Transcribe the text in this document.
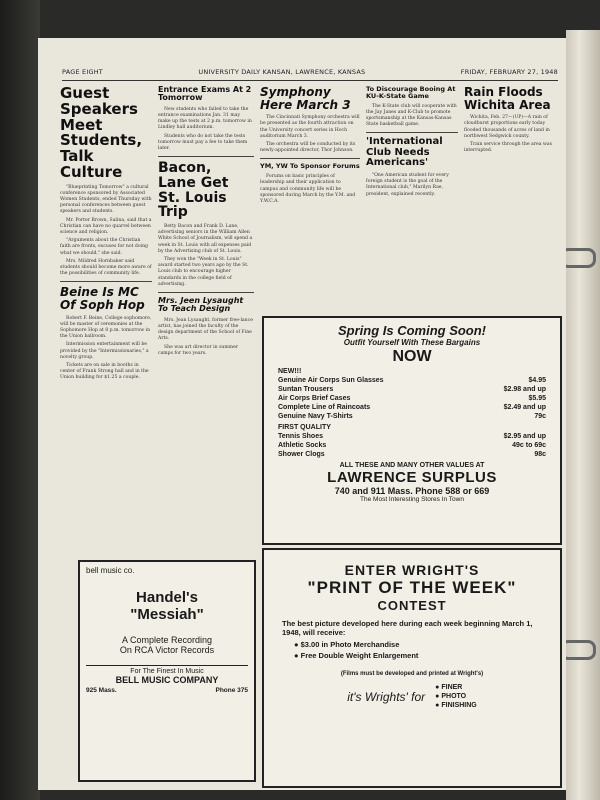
PAGE EIGHT	UNIVERSITY DAILY KANSAN, LAWRENCE, KANSAS	FRIDAY, FEBRUARY 27, 1948
Guest Speakers Meet Students, Talk Culture

"Blueprinting Tomorrow" a cultural conference sponsored by Associated Women Students, ended Thursday with personal conferences between guest speakers and students.

Mr. Porter Brown, Salina, said that a Christian can have no quarrel between science and religion.

"Arguments about the Christian faith are fronts, excuses for not doing what we should," she said.

Mrs. Mildred Hornbaker said students should become more aware of the possibilities of community life.

Beine Is MC Of Soph Hop

Robert F. Beine, College sophomore, will be master of ceremonies at the Sophomore Hop at 8 p.m. tomorrow in the Union ballroom.

Intermission entertainment will be provided by the "Intermissionaries," a novelty group.

Tickets are on sale in booths in center of Frank Strong hall and in the Union building for $1.25 a couple.

Entrance Exams At 2 Tomorrow

New students who failed to take the entrance examinations Jan. 31 may make up the tests at 2 p.m. tomorrow in Lindley hall auditorium.

Students who do not take the tests tomorrow must pay a fee to take them later.

Bacon, Lane Get St. Louis Trip

Betty Bacon and Frank D. Lane, advertising seniors in the William Allen White School of Journalism, will spend a week in St. Louis with all expenses paid by the Advertising club of St. Louis.

They won the "Week in St. Louis" award started two years ago by the St. Louis club to encourage higher standards in the college field of advertising.

Mrs. Jeen Lysaught To Teach Design

Mrs. Jean Lysaught, former free-lance artist, has joined the faculty of the design department of the School of Fine Arts.

She was art director in summer camps for two years.

Symphony Here March 3

The Cincinnati Symphony orchestra will be presented as the fourth attraction on the University concert series in Hoch auditorium March 3.

The orchestra will be conducted by its newly-appointed director, Thor Johnson.

YM, YW To Sponsor Forums

Forums on basic principles of leadership and their application to campus and community life will be sponsored during March by the Y.M. and Y.W.C.A.

To Discourage Booing At KU-K-State Game

The K-State club will cooperate with the Jay Janes and K-Club to promote sportsmanship at the Kansas-Kansas State basketball game.

'International Club Needs Americans'

"One American student for every foreign student is the goal of the International club," Marilyn Rae, president, explained recently.

Rain Floods Wichita Area

Wichita, Feb. 27—(UP)—A rain of cloudburst proportions early today flooded thousands of acres of land in northwest Sedgwick county.

Train service through the area was interrupted.

Spring Is Coming Soon!
Outfit Yourself With These Bargains
NOW
NEW!!!
Genuine Air Corps Sun Glasses	$4.95
Suntan Trousers	$2.98 and up
Air Corps Brief Cases	$5.95
Complete Line of Raincoats	$2.49 and up
Genuine Navy T-Shirts	79c
FIRST QUALITY
Tennis Shoes	$2.95 and up
Athletic Socks	49c to 69c
Shower Clogs	98c
ALL THESE AND MANY OTHER VALUES AT
LAWRENCE SURPLUS
740 and 911 Mass. Phone 588 or 669
The Most Interesting Stores In Town
bell music co.
Handel's
"Messiah"
A Complete Recording
On RCA Victor Records
For The Finest In Music
BELL MUSIC COMPANY
925 Mass.	Phone 375
ENTER WRIGHT'S
"PRINT OF THE WEEK"
CONTEST
The best picture developed here during each week beginning March 1, 1948, will receive:
● $3.00 in Photo Merchandise
● Free Double Weight Enlargement
(Films must be developed and printed at Wright's)
it's Wrights' for
● FINER
● PHOTO
● FINISHING
